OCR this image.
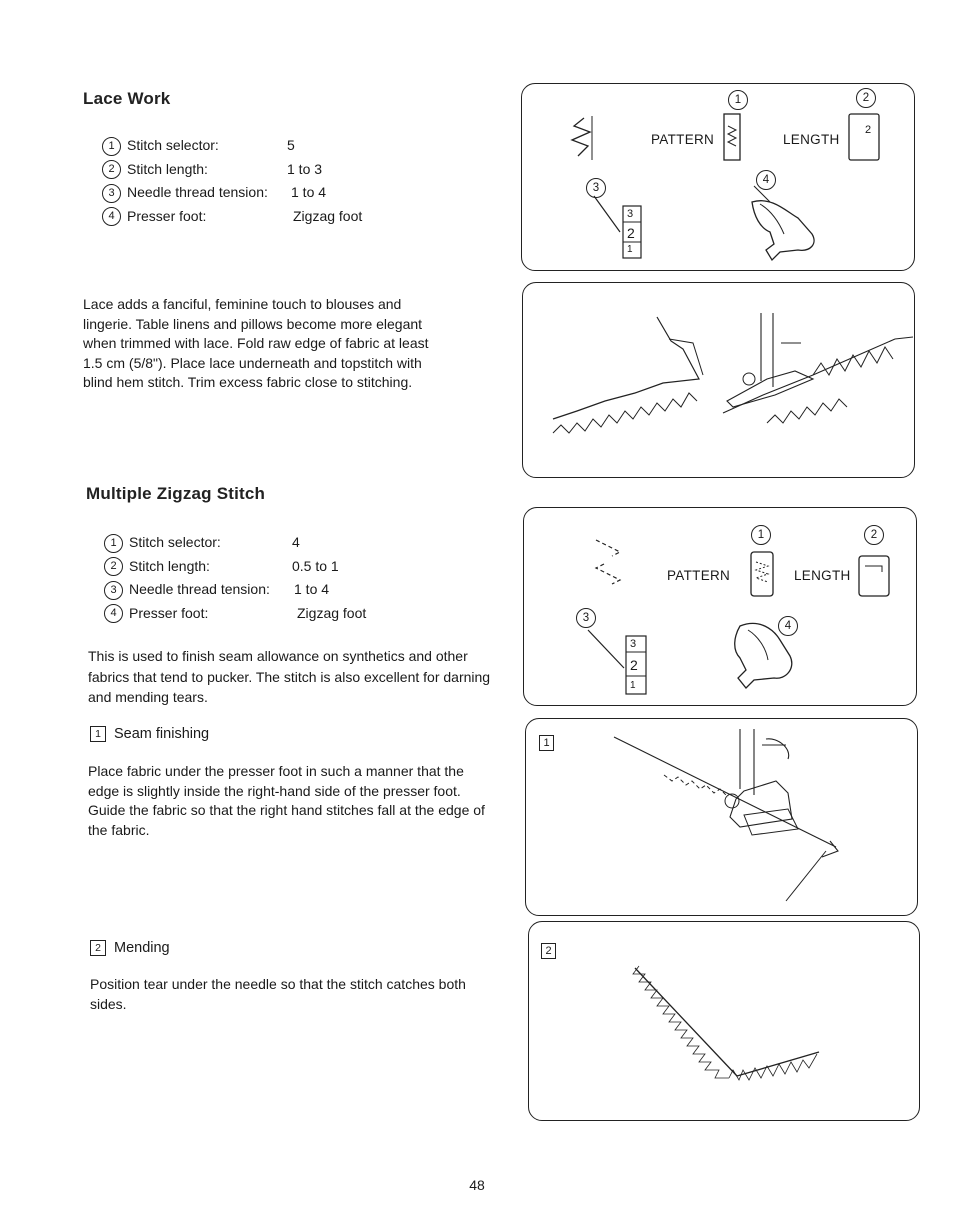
Lace Work
1 Stitch selector:	5
2 Stitch length:	1 to 3
3 Needle thread tension: 1 to 4
4 Presser foot:	Zigzag foot

Lace adds a fanciful, feminine touch to blouses and lingerie. Table linens and pillows become more elegant when trimmed with lace. Fold raw edge of fabric at least 1.5 cm (5/8"). Place lace underneath and topstitch with blind hem stitch. Trim excess fabric close to stitching.

1	2
3
4
PATTERN	LENGTH
2
3
2
1
Multiple Zigzag Stitch
1 Stitch selector:	4
2 Stitch length:	0.5 to 1
3 Needle thread tension: 1 to 4
4 Presser foot:	Zigzag foot

This is used to finish seam allowance on synthetics and other fabrics that tend to pucker. The stitch is also excellent for darning and mending tears.

1 Seam finishing

Place fabric under the presser foot in such a manner that the edge is slightly inside the right-hand side of the presser foot. Guide the fabric so that the right hand stitches fall at the edge of the fabric.

2 Mending

Position tear under the needle so that the stitch catches both sides.

1	2
3
4
PATTERN	LENGTH
3
2
1
1
2
48
